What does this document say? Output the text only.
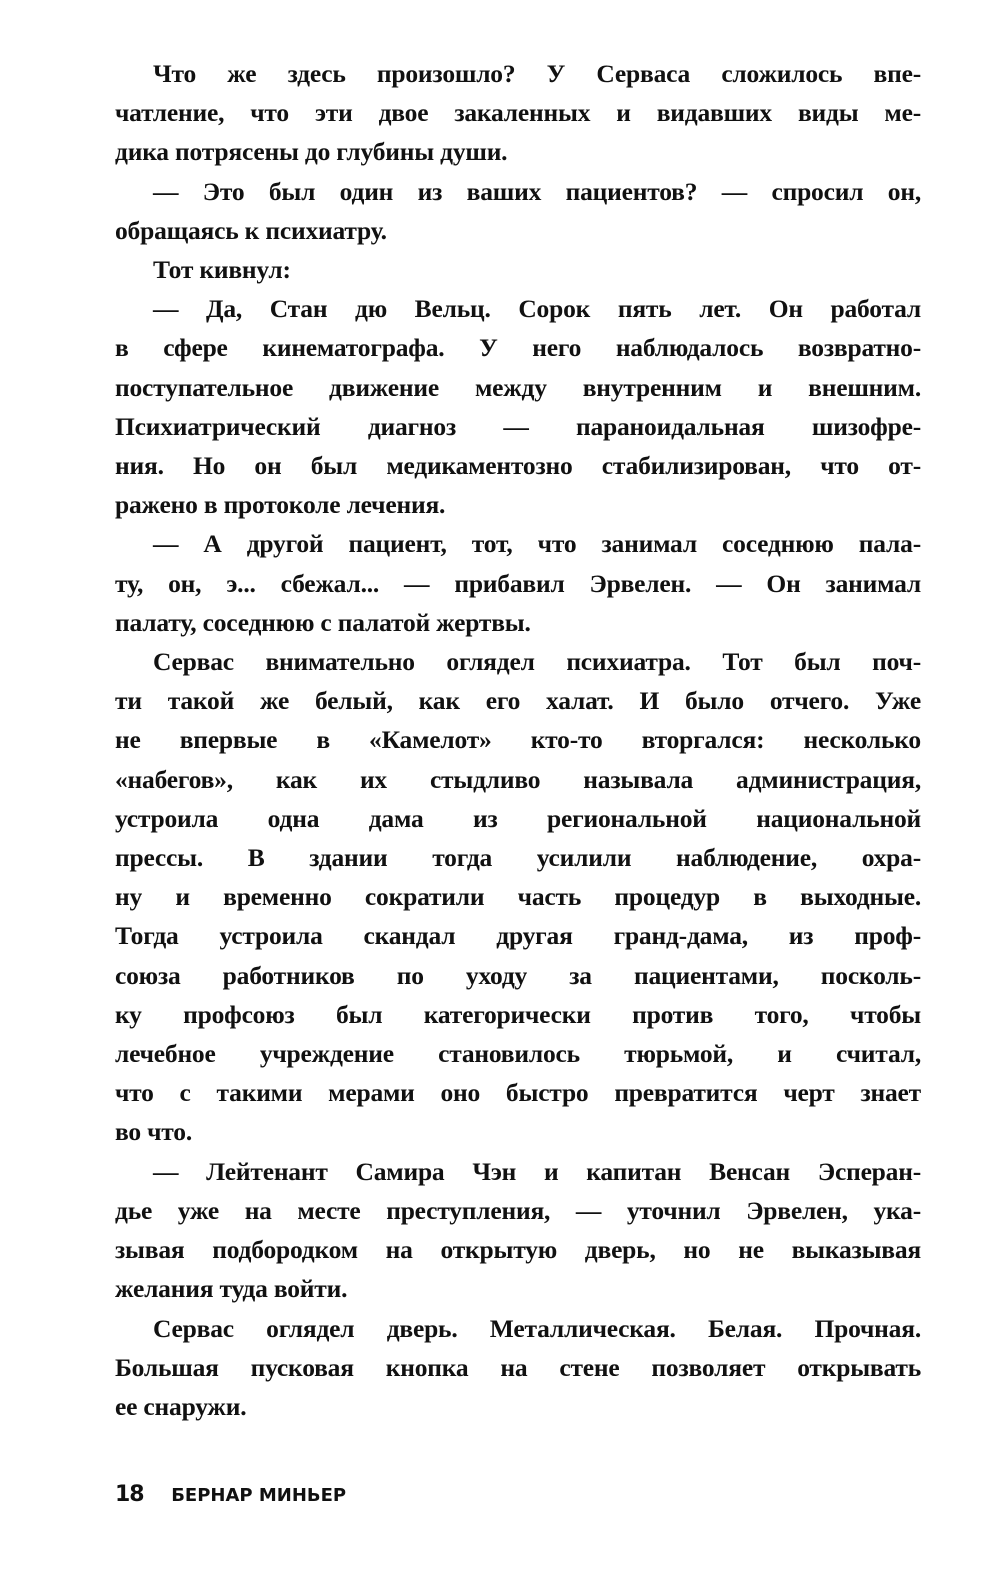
Что же здесь произошло? У Серваса сложилось впе-
чатление, что эти двое закаленных и видавших виды ме-
дика потрясены до глубины души.
— Это был один из ваших пациентов? — спросил он,
обращаясь к психиатру.
Тот кивнул:
— Да, Стан дю Вельц. Сорок пять лет. Он работал
в сфере кинематографа. У него наблюдалось возвратно-
поступательное движение между внутренним и внешним.
Психиатрический диагноз — параноидальная шизофре-
ния. Но он был медикаментозно стабилизирован, что от-
ражено в протоколе лечения.
— А другой пациент, тот, что занимал соседнюю пала-
ту, он, э... сбежал... — прибавил Эрвелен. — Он занимал
палату, соседнюю с палатой жертвы.
Сервас внимательно оглядел психиатра. Тот был поч-
ти такой же белый, как его халат. И было отчего. Уже
не впервые в «Камелот» кто-то вторгался: несколько
«набегов», как их стыдливо называла администрация,
устроила одна дама из региональной национальной
прессы. В здании тогда усилили наблюдение, охра-
ну и временно сократили часть процедур в выходные.
Тогда устроила скандал другая гранд-дама, из проф-
союза работников по уходу за пациентами, посколь-
ку профсоюз был категорически против того, чтобы
лечебное учреждение становилось тюрьмой, и считал,
что с такими мерами оно быстро превратится черт знает
во что.
— Лейтенант Самира Чэн и капитан Венсан Эсперан-
дье уже на месте преступления, — уточнил Эрвелен, ука-
зывая подбородком на открытую дверь, но не выказывая
желания туда войти.
Сервас оглядел дверь. Металлическая. Белая. Прочная.
Большая пусковая кнопка на стене позволяет открывать
ее снаружи.
18 БЕРНАР МИНЬЕР
